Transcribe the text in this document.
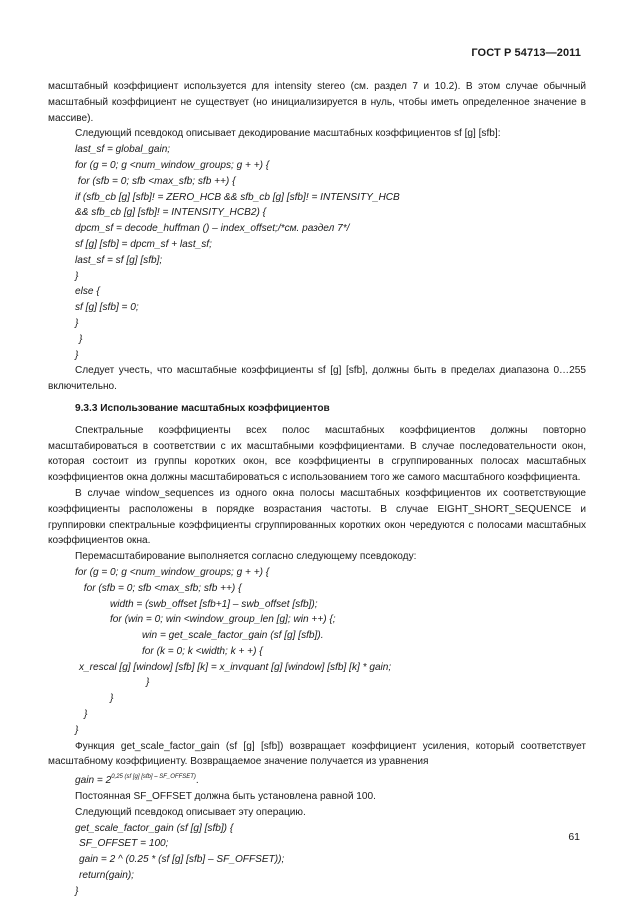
ГОСТ Р 54713—2011

масштабный коэффициент используется для intensity stereo (см. раздел 7 и 10.2). В этом случае обычный масштабный коэффициент не существует (но инициализируется в нуль, чтобы иметь определенное значение в массиве).

Следующий псевдокод описывает декодирование масштабных коэффициентов sf [g] [sfb]:

last_sf = global_gain;

for (g = 0; g <num_window_groups; g + +) {

for (sfb = 0; sfb <max_sfb; sfb ++) {

if (sfb_cb [g] [sfb]! = ZERO_HCB && sfb_cb [g] [sfb]! = INTENSITY_HCB

&& sfb_cb [g] [sfb]! = INTENSITY_HCB2) {

dpcm_sf = decode_huffman () – index_offset;/*см. раздел 7*/

sf [g] [sfb] = dpcm_sf + last_sf;

last_sf = sf [g] [sfb];

}

else {

sf [g] [sfb] = 0;

}

}

}

Следует учесть, что масштабные коэффициенты sf [g] [sfb], должны быть в пределах диапазона 0…255 включительно.

9.3.3 Использование масштабных коэффициентов

Спектральные коэффициенты всех полос масштабных коэффициентов должны повторно масштабироваться в соответствии с их масштабными коэффициентами. В случае последовательности окон, которая состоит из группы коротких окон, все коэффициенты в сгруппированных полосах масштабных коэффициентов окна должны масштабироваться с использованием того же самого масштабного коэффициента.

В случае window_sequences из одного окна полосы масштабных коэффициентов их соответствующие коэффициенты расположены в порядке возрастания частоты. В случае EIGHT_SHORT_SEQUENCE и группировки спектральные коэффициенты сгруппированных коротких окон чередуются с полосами масштабных коэффициентов окна.

Перемасштабирование выполняется согласно следующему псевдокоду:

for (g = 0; g <num_window_groups; g + +) {

for (sfb = 0; sfb <max_sfb; sfb ++) {

width = (swb_offset [sfb+1] – swb_offset [sfb]);

for (win = 0; win <window_group_len [g]; win ++) {;

win = get_scale_factor_gain (sf [g] [sfb]).

for (k = 0; k <width; k + +) {

x_rescal [g] [window] [sfb] [k] = x_invquant [g] [window] [sfb] [k] * gain;

}

}

}

}

Функция get_scale_factor_gain (sf [g] [sfb]) возвращает коэффициент усиления, который соответствует масштабному коэффициенту. Возвращаемое значение получается из уравнения

gain = $2^{0,25 (sf [g] [sfb] - SF\_OFFSET)}$.

Постоянная SF_OFFSET должна быть установлена равной 100.

Следующий псевдокод описывает эту операцию.

get_scale_factor_gain (sf [g] [sfb]) {

SF_OFFSET = 100;

gain = 2 ^ (0.25 * (sf [g] [sfb] – SF_OFFSET));

return(gain);

}

61
